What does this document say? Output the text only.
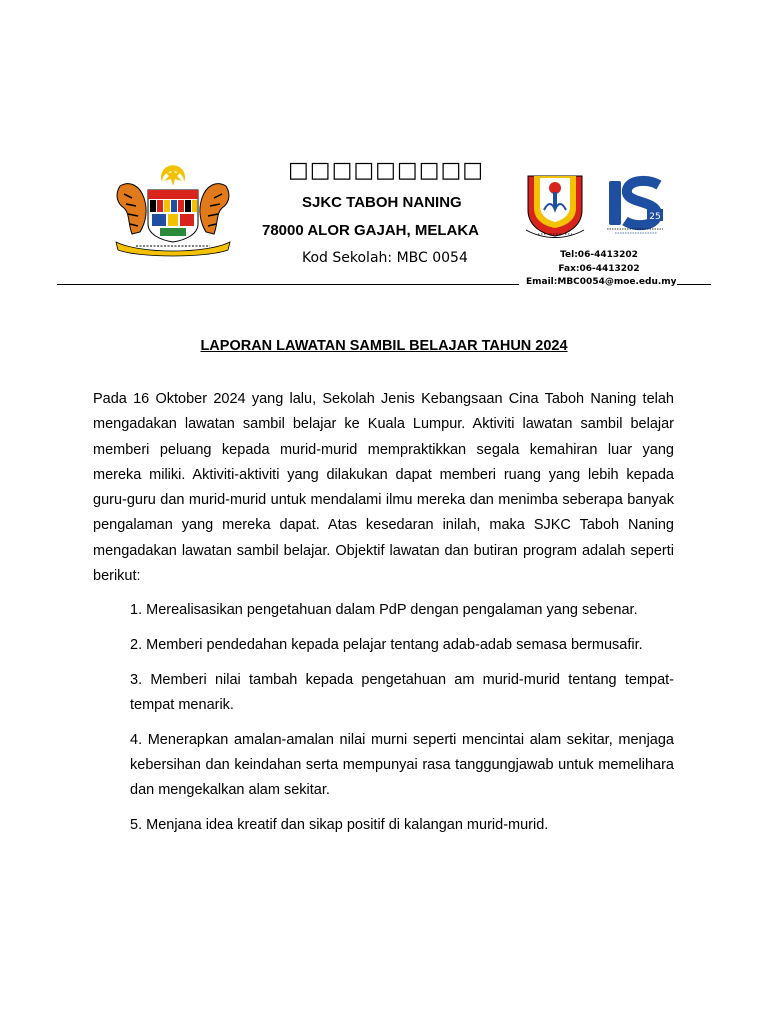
□□□□□□□□□
SJKC TABOH NANING
78000 ALOR GAJAH, MELAKA
Kod Sekolah: MBC 0054
25
Tel:06-4413202
Fax:06-4413202
Email:MBC0054@moe.edu.my
LAPORAN LAWATAN SAMBIL BELAJAR TAHUN 2024

Pada 16 Oktober 2024 yang lalu, Sekolah Jenis Kebangsaan Cina Taboh Naning telah mengadakan lawatan sambil belajar ke Kuala Lumpur. Aktiviti lawatan sambil belajar memberi peluang kepada murid-murid mempraktikkan segala kemahiran luar yang mereka miliki. Aktiviti-aktiviti yang dilakukan dapat memberi ruang yang lebih kepada guru-guru dan murid-murid untuk mendalami ilmu mereka dan menimba seberapa banyak pengalaman yang mereka dapat. Atas kesedaran inilah, maka SJKC Taboh Naning mengadakan lawatan sambil belajar. Objektif lawatan dan butiran program adalah seperti berikut:

1. Merealisasikan pengetahuan dalam PdP dengan pengalaman yang sebenar.
2. Memberi pendedahan kepada pelajar tentang adab-adab semasa bermusafir.
3. Memberi nilai tambah kepada pengetahuan am murid-murid tentang tempat-tempat menarik.
4. Menerapkan amalan-amalan nilai murni seperti mencintai alam sekitar, menjaga kebersihan dan keindahan serta mempunyai rasa tanggungjawab untuk memelihara dan mengekalkan alam sekitar.
5. Menjana idea kreatif dan sikap positif di kalangan murid-murid.
